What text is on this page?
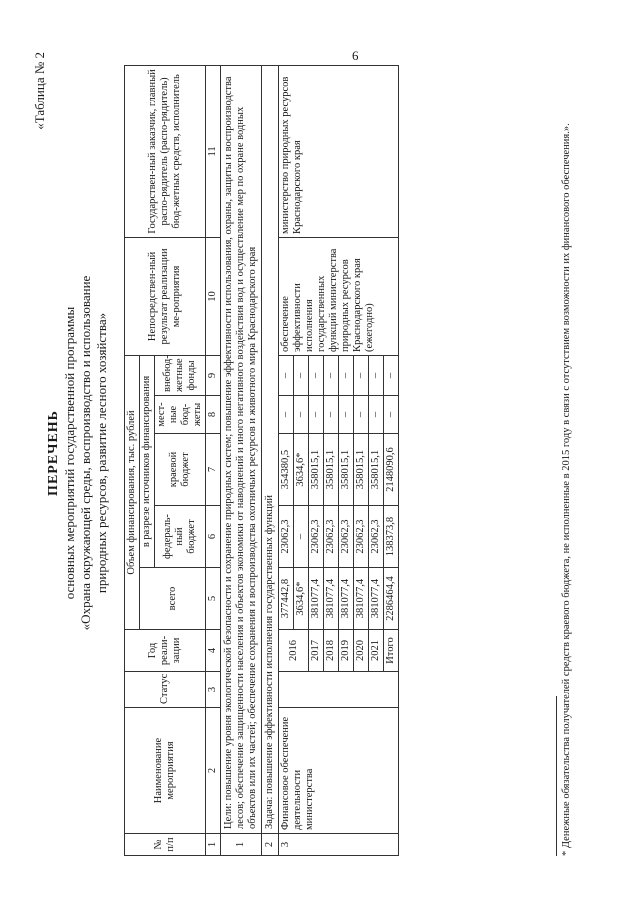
6
«Таблица № 2
ПЕРЕЧЕНЬ основных мероприятий государственной программы «Охрана окружающей среды, воспроизводство и использование природных ресурсов, развитие лесного хозяйства»
№ п/п	Наименование мероприятия	Статус	Год реали-зации	Объем финансирования, тыс. рублей					Непосредствен-ный результат реализации ме-роприятия	Государствен-ный заказчик, главный распо-рядитель (распо-рядитель) бюд-жетных средств, исполнитель
				всего	в разрезе источников финансирования					
					федераль-ный бюджет	краевой бюджет	мест-ные бюд-жеты	внебюд-жетные фонды		
1	2	3	4	5	6	7	8	9	10	11
1	Цели: повышение уровня экологической безопасности и сохранение природных систем; повышение эффективности использования, охраны, защиты и воспроизводства лесов; обеспечение защищенности населения и объектов экономики от наводнений и иного негативного воздействия вод и осуществление мер по охране водных объектов или их частей; обеспечение сохранения и воспроизводства охотничьих ресурсов и животного мира Краснодарского края									
2	Задача: повышение эффективности исполнения государственных функций									
3	Финансовое обеспечение деятельности министерства		2016	377442,8	23062,3	354380,5	–	–	обеспечение эффективности исполнения государственных функций министерства природных ресурсов Краснодарского края (ежегодно)	министерство природных ресурсов Краснодарского края
				3634,6*	–	3634,6*	–	–		
			2017	381077,4	23062,3	358015,1	–	–		
			2018	381077,4	23062,3	358015,1	–	–		
			2019	381077,4	23062,3	358015,1	–	–		
			2020	381077,4	23062,3	358015,1	–	–		
			2021	381077,4	23062,3	358015,1	–	–		
			Итого	2286464,4	138373,8	2148090,6	–	–			* Денежные обязательства получателей средств краевого бюджета, не исполненные в 2015 году в связи с отсутствием возможности их финансового обеспечения.».
